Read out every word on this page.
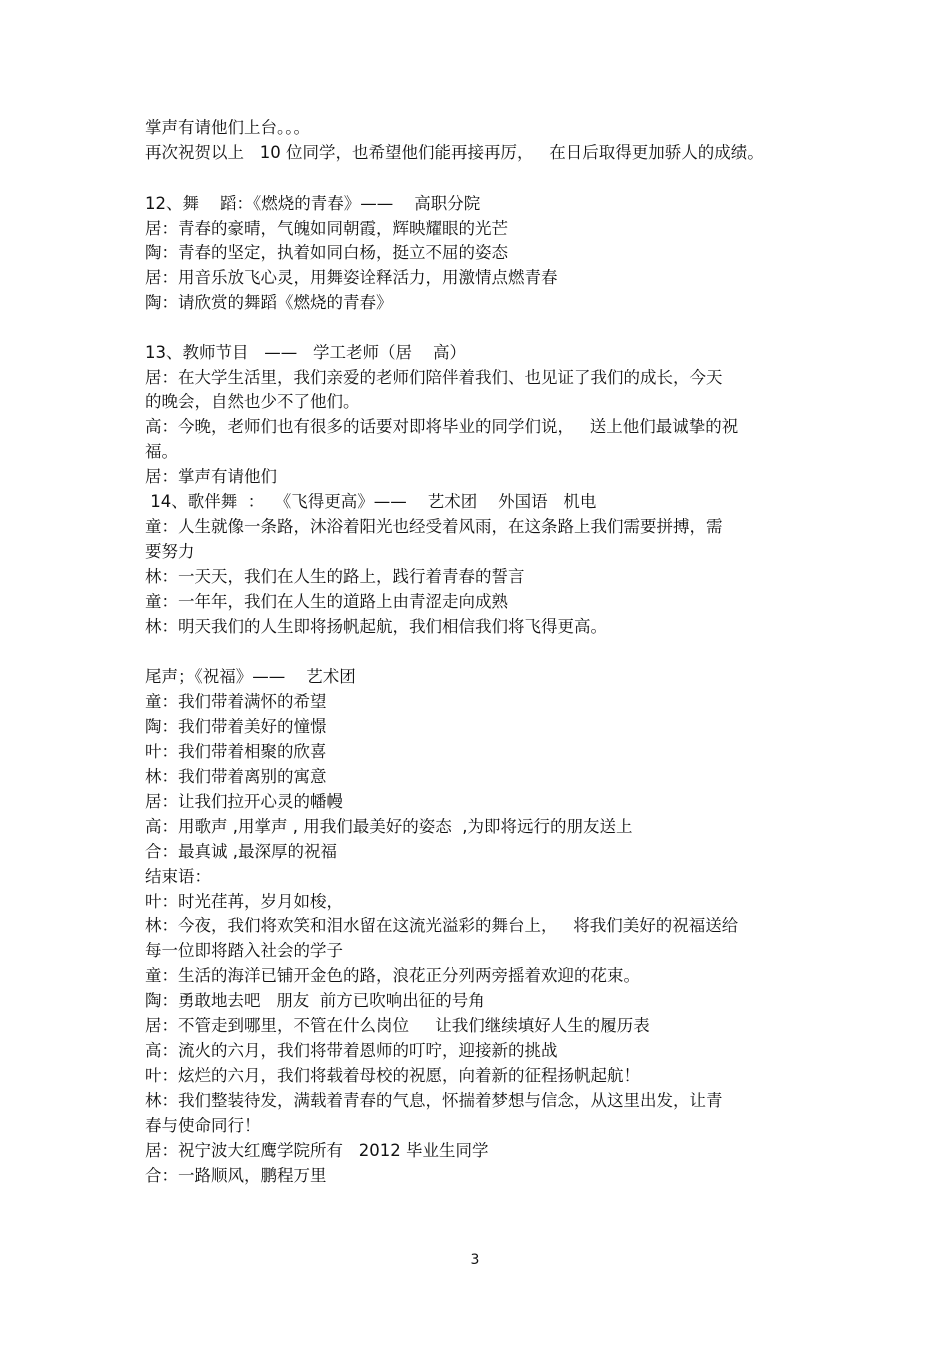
掌声有请他们上台。。。
再次祝贺以上   10 位同学，也希望他们能再接再厉，   在日后取得更加骄人的成绩。
12、舞    蹈：《燃烧的青春》——    高职分院
居：青春的豪晴，气魄如同朝霞，辉映耀眼的光芒
陶：青春的坚定，执着如同白杨，挺立不屈的姿态
居：用音乐放飞心灵，用舞姿诠释活力，用激情点燃青春
陶：请欣赏的舞蹈《燃烧的青春》
13、教师节目   ——   学工老师（居    高）
居：在大学生活里，我们亲爱的老师们陪伴着我们、也见证了我们的成长，今天
的晚会，自然也少不了他们。
高：今晚，老师们也有很多的话要对即将毕业的同学们说，   送上他们最诚挚的祝
福。
居：掌声有请他们
14、歌伴舞  ：  《飞得更高》——    艺术团    外国语   机电
童：人生就像一条路，沐浴着阳光也经受着风雨，在这条路上我们需要拼搏，需
要努力
林：一天天，我们在人生的路上，践行着青春的誓言
童：一年年，我们在人生的道路上由青涩走向成熟
林：明天我们的人生即将扬帆起航，我们相信我们将飞得更高。
尾声；《祝福》——    艺术团
童：我们带着满怀的希望
陶：我们带着美好的憧憬
叶：我们带着相聚的欣喜
林：我们带着离别的寓意
居：让我们拉开心灵的幡幔
高：用歌声 ,用掌声 , 用我们最美好的姿态  ,为即将远行的朋友送上
合：最真诚 ,最深厚的祝福
结束语：
叶：时光荏苒，岁月如梭，
林：今夜，我们将欢笑和泪水留在这流光溢彩的舞台上，   将我们美好的祝福送给
每一位即将踏入社会的学子
童：生活的海洋已铺开金色的路，浪花正分列两旁摇着欢迎的花束。
陶：勇敢地去吧   朋友  前方已吹响出征的号角
居：不管走到哪里，不管在什么岗位     让我们继续填好人生的履历表
高：流火的六月，我们将带着恩师的叮咛，迎接新的挑战
叶：炫烂的六月，我们将载着母校的祝愿，向着新的征程扬帆起航！
林：我们整装待发，满载着青春的气息，怀揣着梦想与信念，从这里出发，让青
春与使命同行！
居：祝宁波大红鹰学院所有   2012 毕业生同学
合：一路顺风，鹏程万里
3
